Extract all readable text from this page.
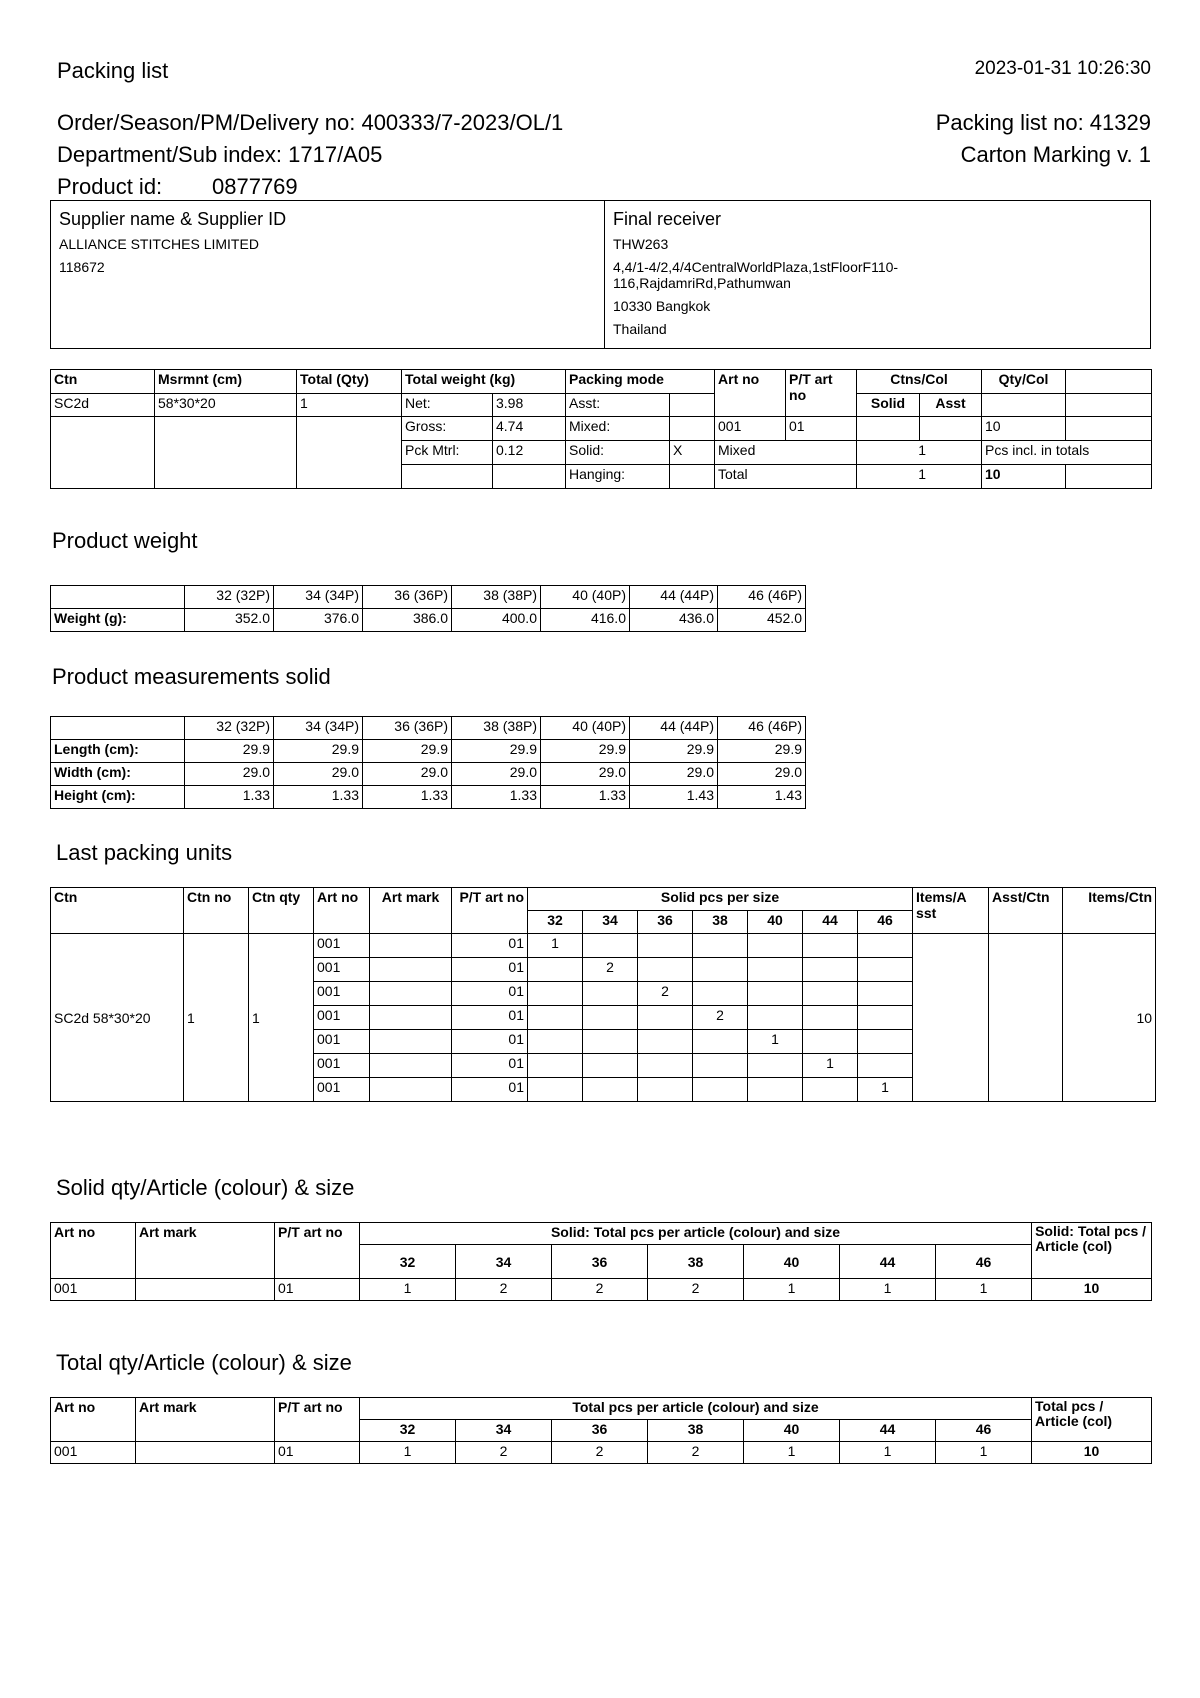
Packing list	2023-01-31 10:26:30
Order/Season/PM/Delivery no: 400333/7-2023/OL/1	Packing list no: 41329
Department/Sub index: 1717/A05	Carton Marking v. 1
Product id: 0877769
Supplier name & Supplier ID
ALLIANCE STITCHES LIMITED
118672
Final receiver
THW263
4,4/1-4/2,4/4CentralWorldPlaza,1stFloorF110-
116,RajdamriRd,Pathumwan
10330 Bangkok
Thailand
Ctn	Msrmnt (cm)	Total (Qty)	Total weight (kg)		Packing mode		Art no	P/T art no	Ctns/Col		Qty/Col	
SC2d	58*30*20	1	Net:	3.98	Asst:				Solid	Asst		
			Gross:	4.74	Mixed:		001	01			10	
			Pck Mtrl:	0.12	Solid:	X	Mixed		1		Pcs incl. in totals	
					Hanging:		Total		1		10	
Product weight
	32 (32P)	34 (34P)	36 (36P)	38 (38P)	40 (40P)	44 (44P)	46 (46P)
Weight (g):	352.0	376.0	386.0	400.0	416.0	436.0	452.0
Product measurements solid
	32 (32P)	34 (34P)	36 (36P)	38 (38P)	40 (40P)	44 (44P)	46 (46P)
Length (cm):	29.9	29.9	29.9	29.9	29.9	29.9	29.9
Width (cm):	29.0	29.0	29.0	29.0	29.0	29.0	29.0
Height (cm):	1.33	1.33	1.33	1.33	1.33	1.43	1.43
Last packing units
Ctn	Ctn no	Ctn qty	Art no	Art mark	P/T art no	Solid pcs per size							Items/A sst	Asst/Ctn	Items/Ctn
						32	34	36	38	40	44	46			
SC2d 58*30*20	1	1	001		01	1									10
			001		01		2								
			001		01			2							
			001		01				2						
			001		01					1					
			001		01						1				
			001		01							1			
Solid qty/Article (colour) & size
Art no	Art mark	P/T art no	Solid: Total pcs per article (colour) and size							Solid: Total pcs / Article (col)
			32	34	36	38	40	44	46	
001		01	1	2	2	2	1	1	1	10
Total qty/Article (colour) & size
Art no	Art mark	P/T art no	Total pcs per article (colour) and size							Total pcs / Article (col)
			32	34	36	38	40	44	46	
001		01	1	2	2	2	1	1	1	10
